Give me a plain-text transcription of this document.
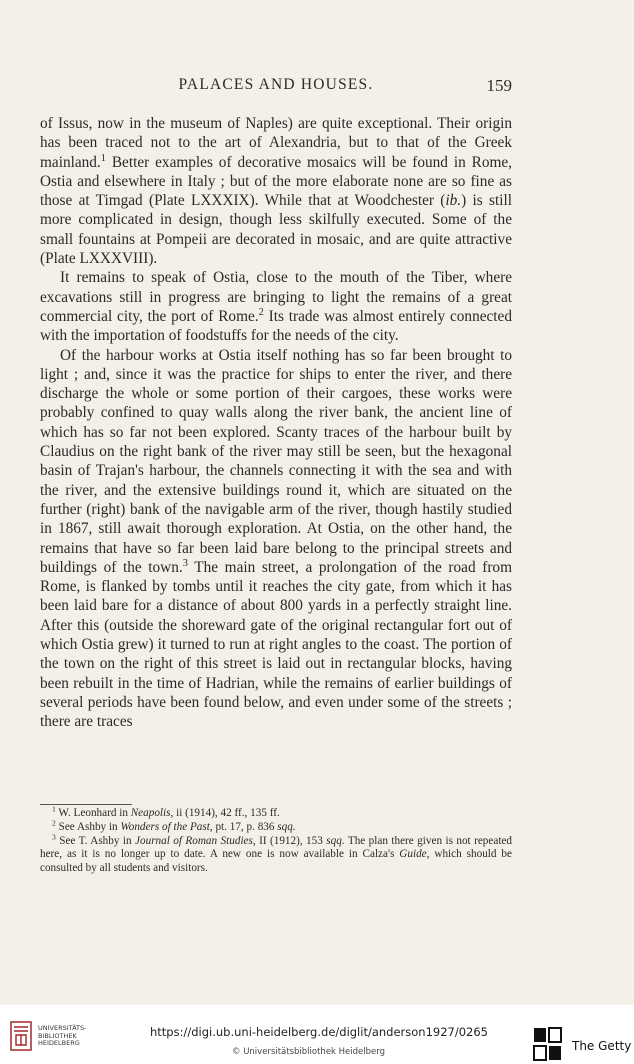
PALACES AND HOUSES.	159

of Issus, now in the museum of Naples) are quite exceptional. Their origin has been traced not to the art of Alexandria, but to that of the Greek mainland.$^1$ Better examples of decorative mosaics will be found in Rome, Ostia and elsewhere in Italy ; but of the more elaborate none are so fine as those at Timgad (Plate LXXXIX). While that at Woodchester (ib.) is still more complicated in design, though less skilfully executed. Some of the small fountains at Pompeii are decorated in mosaic, and are quite attractive (Plate LXXXVIII).

It remains to speak of Ostia, close to the mouth of the Tiber, where excavations still in progress are bringing to light the remains of a great commercial city, the port of Rome.$^2$ Its trade was almost entirely connected with the importation of foodstuffs for the needs of the city.

Of the harbour works at Ostia itself nothing has so far been brought to light ; and, since it was the practice for ships to enter the river, and there discharge the whole or some portion of their cargoes, these works were probably confined to quay walls along the river bank, the ancient line of which has so far not been explored. Scanty traces of the harbour built by Claudius on the right bank of the river may still be seen, but the hexagonal basin of Trajan's harbour, the channels connecting it with the sea and with the river, and the extensive buildings round it, which are situated on the further (right) bank of the navigable arm of the river, though hastily studied in 1867, still await thorough exploration. At Ostia, on the other hand, the remains that have so far been laid bare belong to the principal streets and buildings of the town.$^3$ The main street, a prolongation of the road from Rome, is flanked by tombs until it reaches the city gate, from which it has been laid bare for a distance of about 800 yards in a perfectly straight line. After this (outside the shoreward gate of the original rectangular fort out of which Ostia grew) it turned to run at right angles to the coast. The portion of the town on the right of this street is laid out in rectangular blocks, having been rebuilt in the time of Hadrian, while the remains of earlier buildings of several periods have been found below, and even under some of the streets ; there are traces

$^1$ W. Leonhard in Neapolis, ii (1914), 42 ff., 135 ff.

$^2$ See Ashby in Wonders of the Past, pt. 17, p. 836 sqq.

$^3$ See T. Ashby in Journal of Roman Studies, II (1912), 153 sqq. The plan there given is not repeated here, as it is no longer up to date. A new one is now available in Calza's Guide, which should be consulted by all students and visitors.

UNIVERSITÄTS-
BIBLIOTHEK
HEIDELBERG
https://digi.ub.uni-heidelberg.de/diglit/anderson1927/0265
© Universitätsbibliothek Heidelberg	The Getty
